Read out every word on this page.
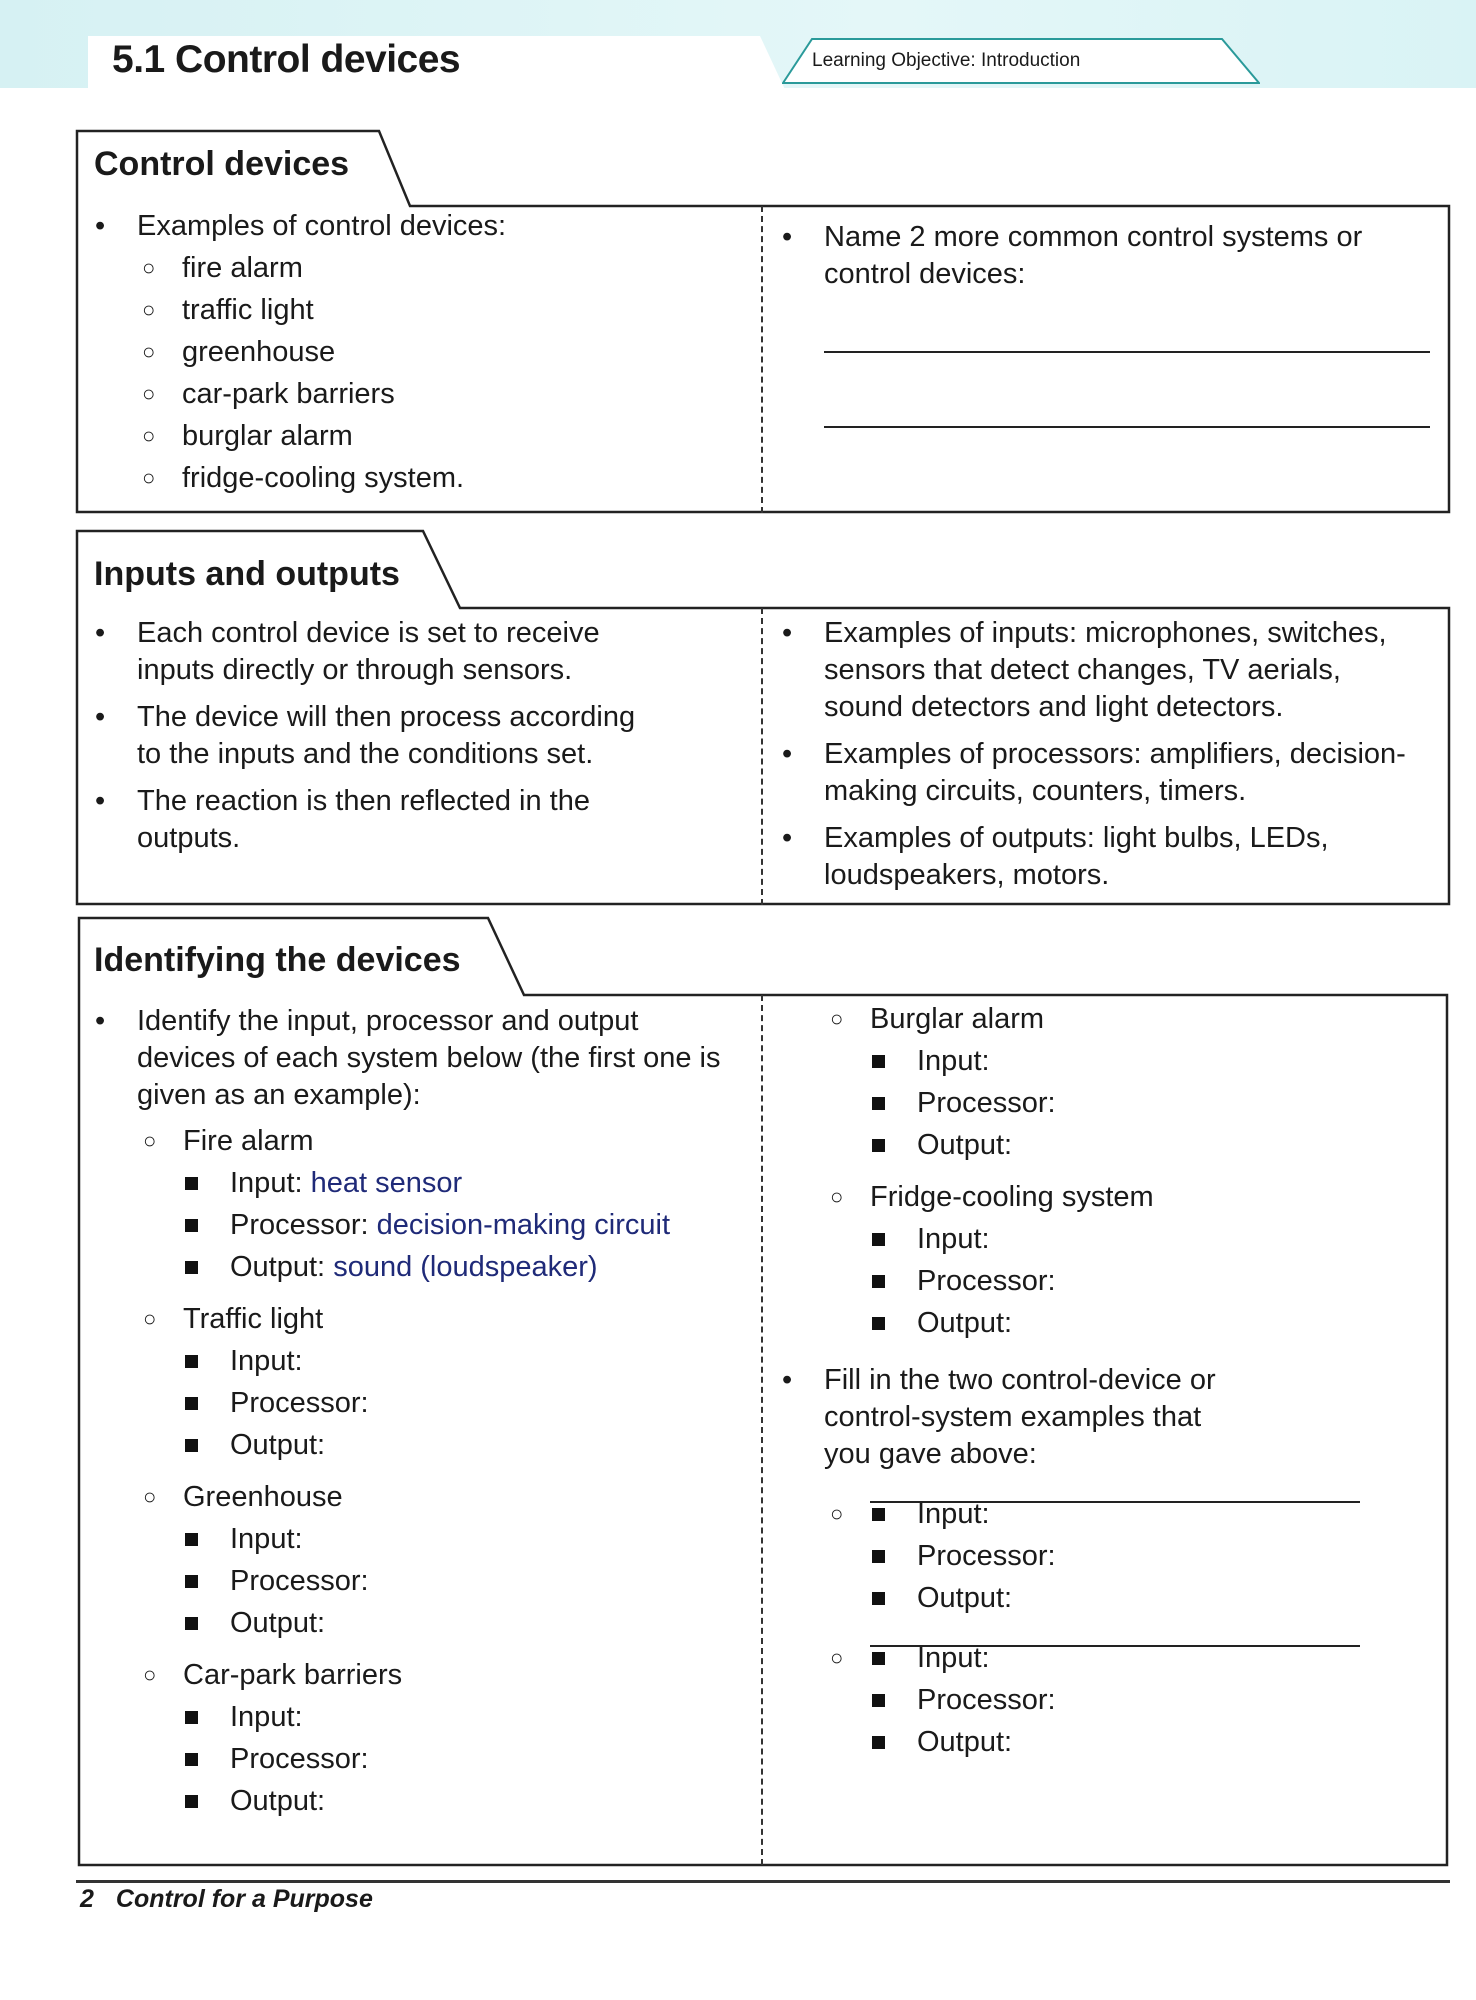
5.1 Control devices	Learning Objective: Introduction
Control devices
• Examples of control devices:
○ fire alarm
○ traffic light
○ greenhouse
○ car-park barriers
○ burglar alarm
○ fridge-cooling system.
• Name 2 more common control systems or control devices:
Inputs and outputs
• Each control device is set to receive inputs directly or through sensors.
• The device will then process according to the inputs and the conditions set.
• The reaction is then reflected in the outputs.
• Examples of inputs: microphones, switches, sensors that detect changes, TV aerials, sound detectors and light detectors.
• Examples of processors: amplifiers, decision-making circuits, counters, timers.
• Examples of outputs: light bulbs, LEDs, loudspeakers, motors.
Identifying the devices
• Identify the input, processor and output devices of each system below (the first one is given as an example):
○ Fire alarm
Input: heat sensor
Processor: decision-making circuit
Output: sound (loudspeaker)
○ Traffic light
Input:
Processor:
Output:
○ Greenhouse
Input:
Processor:
Output:
○ Car-park barriers
Input:
Processor:
Output:
○ Burglar alarm
Input:
Processor:
Output:
○ Fridge-cooling system
Input:
Processor:
Output:
• Fill in the two control-device or control-system examples that you gave above:
○	Input:
Processor:
Output:
○	Input:
Processor:
Output:
2 Control for a Purpose
